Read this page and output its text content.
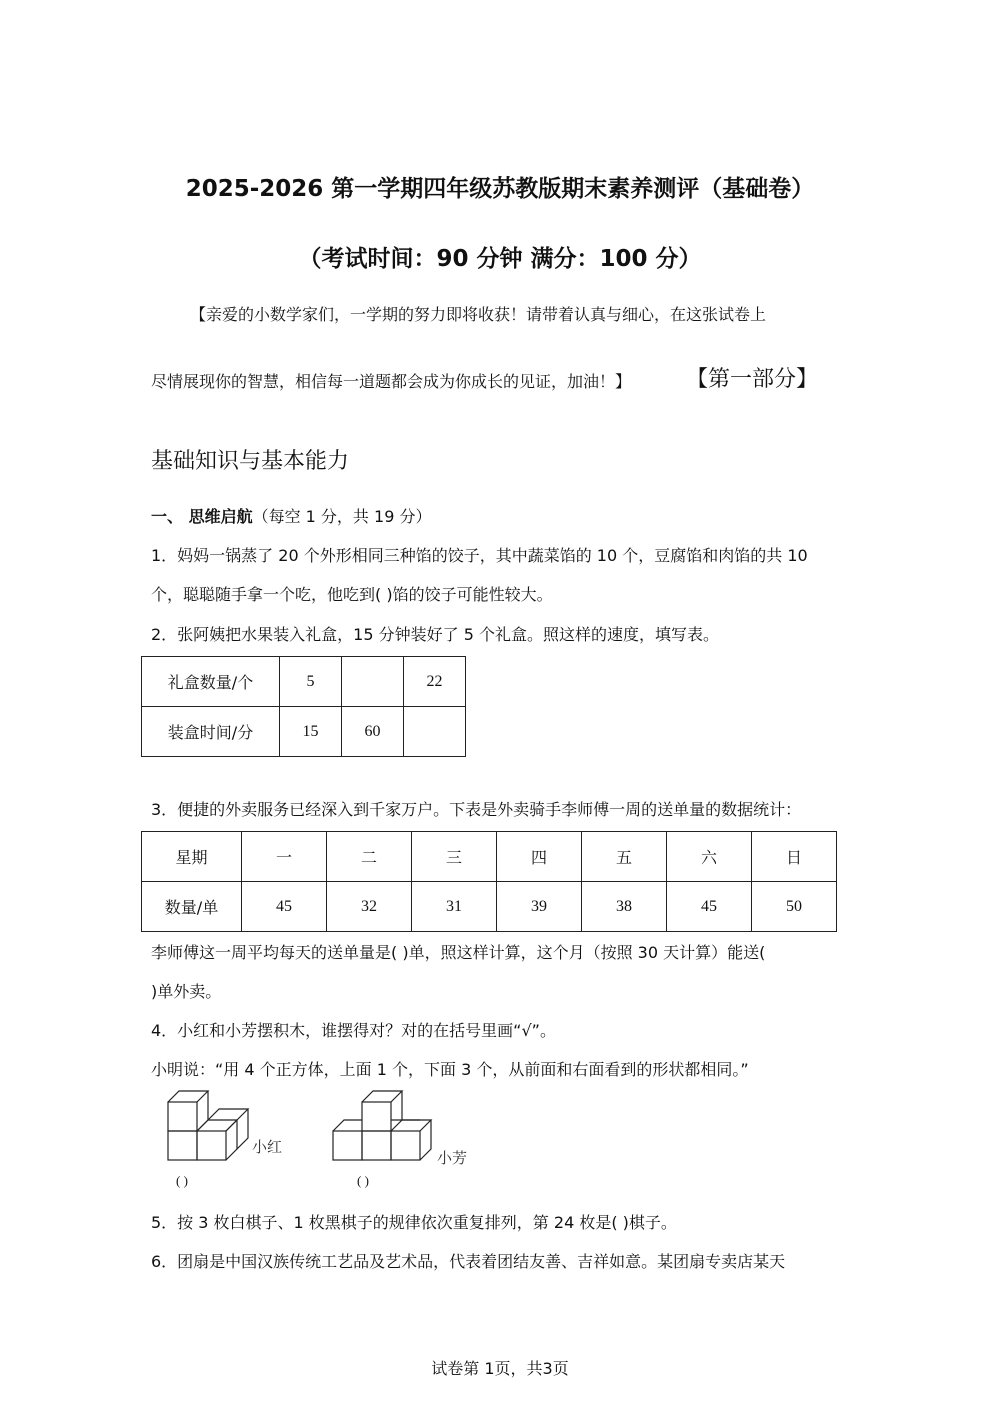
2025-2026 第一学期四年级苏教版期末素养测评（基础卷）
（考试时间：90 分钟 满分：100 分）
【亲爱的小数学家们，一学期的努力即将收获！请带着认真与细心，在这张试卷上
尽情展现你的智慧，相信每一道题都会成为你成长的见证，加油！】 【第一部分】
基础知识与基本能力
一、 思维启航（每空 1 分，共 19 分）
1．妈妈一锅蒸了 20 个外形相同三种馅的饺子，其中蔬菜馅的 10 个，豆腐馅和肉馅的共 10
个，聪聪随手拿一个吃，他吃到( )馅的饺子可能性较大。
2．张阿姨把水果装入礼盒，15 分钟装好了 5 个礼盒。照这样的速度，填写表。
礼盒数量/个	5		22
装盒时间/分	15	60	
3．便捷的外卖服务已经深入到千家万户。下表是外卖骑手李师傅一周的送单量的数据统计：
星期	一	二	三	四	五	六	日
数量/单	45	32	31	39	38	45	50
李师傅这一周平均每天的送单量是( )单，照这样计算，这个月（按照 30 天计算）能送(
)单外卖。
4．小红和小芳摆积木，谁摆得对？对的在括号里画“√”。
小明说：“用 4 个正方体，上面 1 个，下面 3 个，从前面和右面看到的形状都相同。”
小红
( )
小芳
( )
5．按 3 枚白棋子、1 枚黑棋子的规律依次重复排列，第 24 枚是( )棋子。
6．团扇是中国汉族传统工艺品及艺术品，代表着团结友善、吉祥如意。某团扇专卖店某天
试卷第 1页，共3页
